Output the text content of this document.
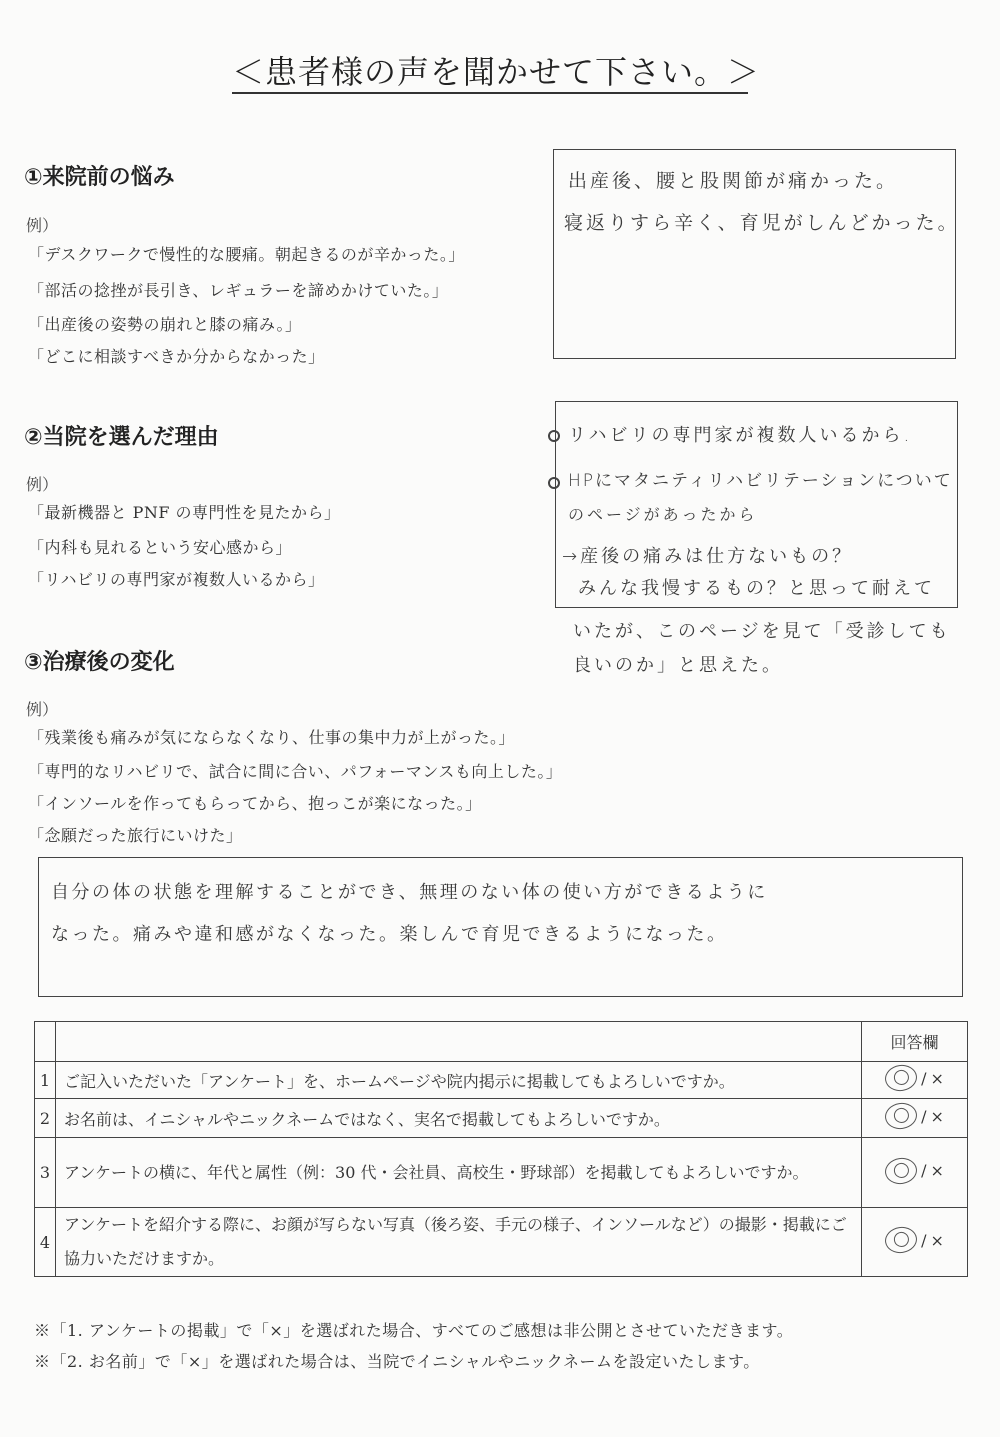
＜患者様の声を聞かせて下さい。＞
①来院前の悩み
例）
「デスクワークで慢性的な腰痛。朝起きるのが辛かった。」
「部活の捻挫が長引き、レギュラーを諦めかけていた。」
「出産後の姿勢の崩れと膝の痛み。」
「どこに相談すべきか分からなかった」
出産後、腰と股関節が痛かった。
寝返りすら辛く、育児がしんどかった。
②当院を選んだ理由
例）
「最新機器と PNF の専門性を見たから」
「内科も見れるという安心感から」
「リハビリの専門家が複数人いるから」
リハビリの専門家が複数人いるから.
HPにマタニティリハビリテーションについて
のページがあったから
→産後の痛みは仕方ないもの？
みんな我慢するもの？と思って耐えて
いたが、このページを見て「受診しても
良いのか」と思えた。
③治療後の変化
例）
「残業後も痛みが気にならなくなり、仕事の集中力が上がった。」
「専門的なリハビリで、試合に間に合い、パフォーマンスも向上した。」
「インソールを作ってもらってから、抱っこが楽になった。」
「念願だった旅行にいけた」
自分の体の状態を理解することができ、無理のない体の使い方ができるように
なった。痛みや違和感がなくなった。楽しんで育児できるようになった。
		回答欄
1	ご記入いただいた「アンケート」を、ホームページや院内掲示に掲載してもよろしいですか。	/ ×

2	お名前は、イニシャルやニックネームではなく、実名で掲載してもよろしいですか。	/ ×

3	アンケートの横に、年代と属性（例：30 代・会社員、高校生・野球部）を掲載してもよろしいですか。	/ ×

4	アンケートを紹介する際に、お顔が写らない写真（後ろ姿、手元の様子、インソールなど）の撮影・掲載にご協力いただけますか。	/ ×
※「1. アンケートの掲載」で「×」を選ばれた場合、すべてのご感想は非公開とさせていただきます。
※「2. お名前」で「×」を選ばれた場合は、当院でイニシャルやニックネームを設定いたします。
